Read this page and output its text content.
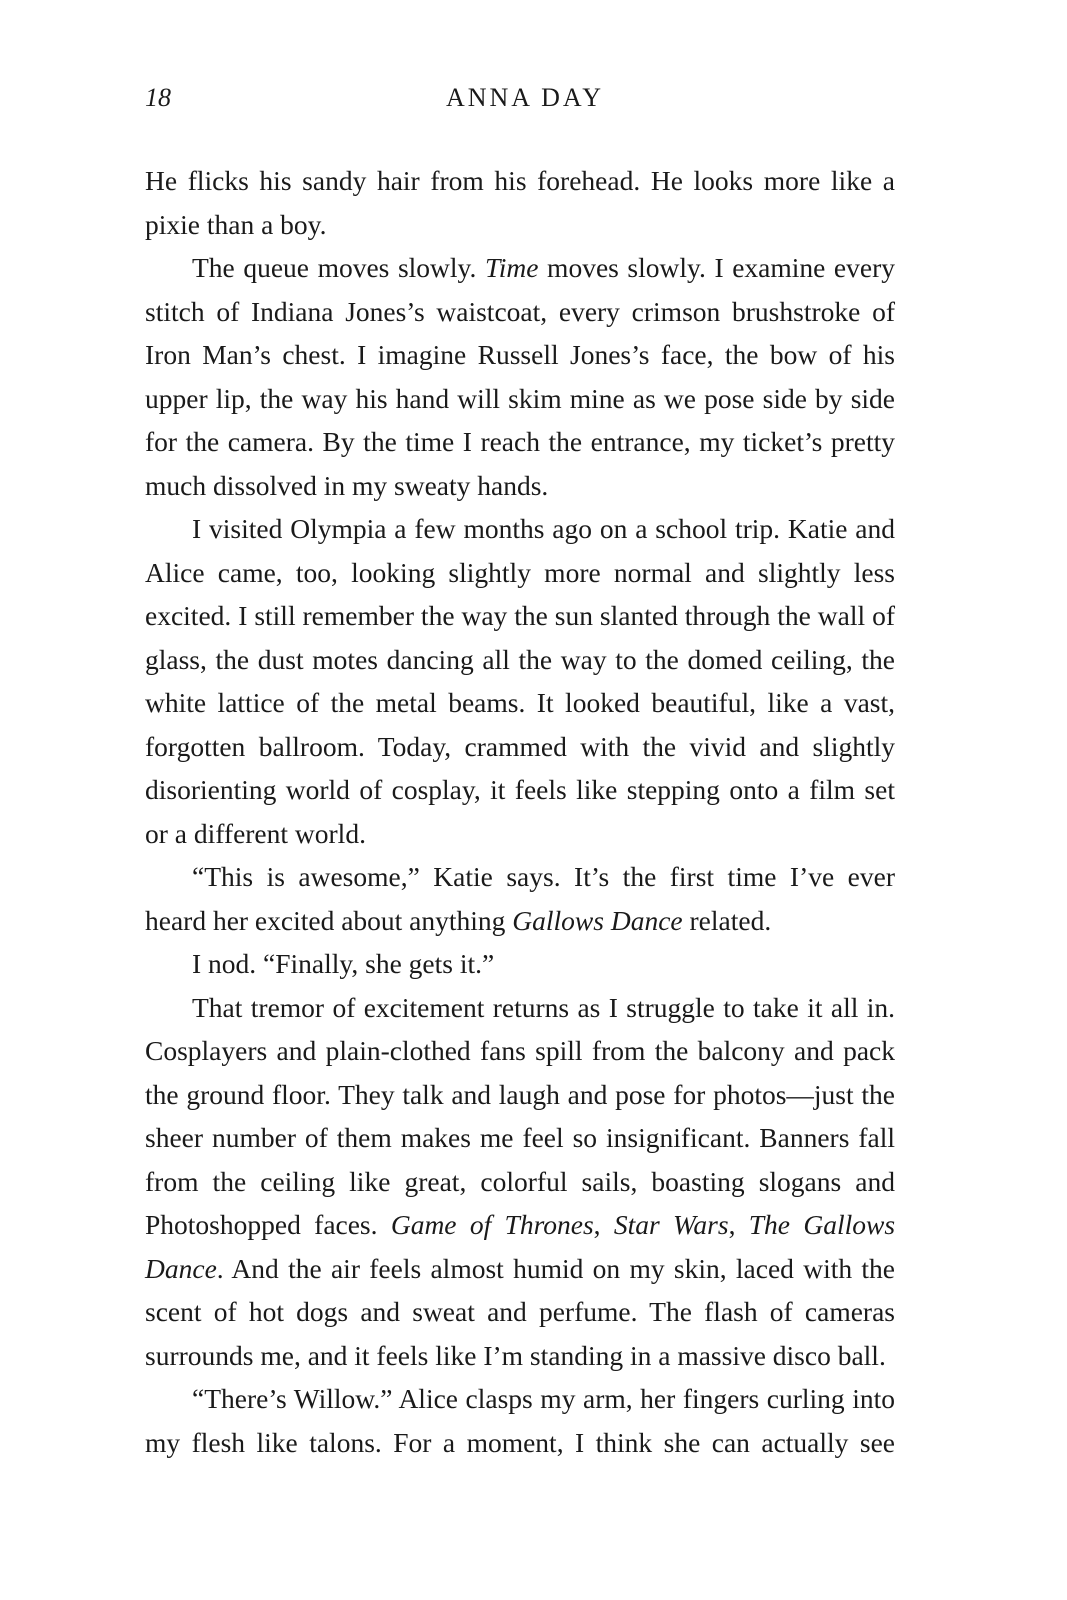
18	ANNA DAY

He flicks his sandy hair from his forehead. He looks more like a pixie than a boy.

The queue moves slowly. Time moves slowly. I examine every stitch of Indiana Jones’s waistcoat, every crimson brushstroke of Iron Man’s chest. I imagine Russell Jones’s face, the bow of his upper lip, the way his hand will skim mine as we pose side by side for the camera. By the time I reach the entrance, my ticket’s pretty much dissolved in my sweaty hands.

I visited Olympia a few months ago on a school trip. Katie and Alice came, too, looking slightly more normal and slightly less excited. I still remember the way the sun slanted through the wall of glass, the dust motes dancing all the way to the domed ceiling, the white lattice of the metal beams. It looked beautiful, like a vast, forgotten ballroom. Today, crammed with the vivid and slightly disorienting world of cosplay, it feels like stepping onto a film set or a different world.

“This is awesome,” Katie says. It’s the first time I’ve ever heard her excited about anything Gallows Dance related.

I nod. “Finally, she gets it.”

That tremor of excitement returns as I struggle to take it all in. Cosplayers and plain-clothed fans spill from the balcony and pack the ground floor. They talk and laugh and pose for photos—just the sheer number of them makes me feel so insignificant. Banners fall from the ceiling like great, colorful sails, boasting slogans and Photoshopped faces. Game of Thrones, Star Wars, The Gallows Dance. And the air feels almost humid on my skin, laced with the scent of hot dogs and sweat and perfume. The flash of cameras surrounds me, and it feels like I’m standing in a massive disco ball.

“There’s Willow.” Alice clasps my arm, her fingers curling into my flesh like talons. For a moment, I think she can actually see
